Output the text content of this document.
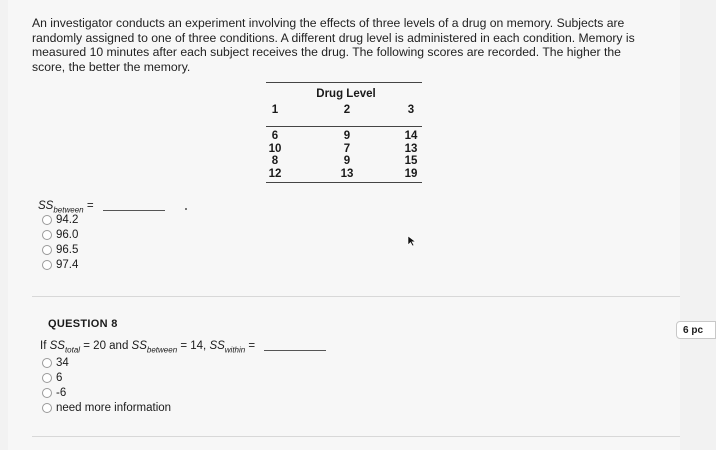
An investigator conducts an experiment involving the effects of three levels of a drug on memory. Subjects are randomly assigned to one of three conditions. A different drug level is administered in each condition. Memory is measured 10 minutes after each subject receives the drug. The following scores are recorded. The higher the score, the better the memory.
Drug Level
1	2	3
6
10
8
12
9
7
9
13
14
13
15
19
$SS_{between}$ =
94.2
96.0
96.5
97.4
QUESTION 8
If $SS_{total} = 20$ and $SS_{between} = 14$, $SS_{within}$ =
34
6
-6
need more information
6 pc
